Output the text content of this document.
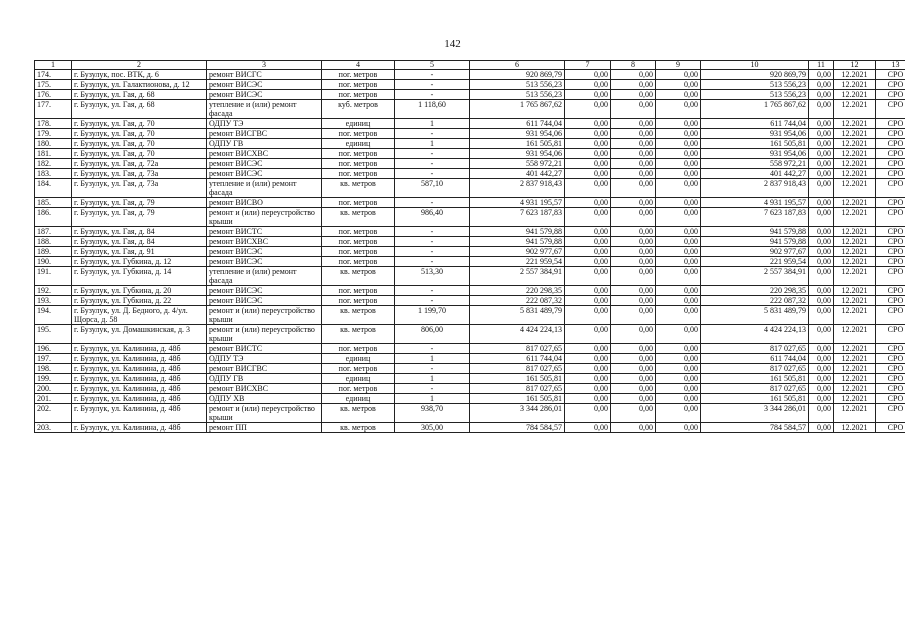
142
1	2	3	4	5	6	7	8	9	10	11	12	13
174.	г. Бузулук, пос. ВТК, д. 6	ремонт ВИСГС	пог. метров	-	920 869,79	0,00	0,00	0,00	920 869,79	0,00	12.2021	СРО
175.	г. Бузулук, ул. Галактионова, д. 12	ремонт ВИСЭС	пог. метров	-	513 556,23	0,00	0,00	0,00	513 556,23	0,00	12.2021	СРО
176.	г. Бузулук, ул. Гая, д. 68	ремонт ВИСЭС	пог. метров	-	513 556,23	0,00	0,00	0,00	513 556,23	0,00	12.2021	СРО
177.	г. Бузулук, ул. Гая, д. 68	утепление и (или) ремонт фасада	куб. метров	1 118,60	1 765 867,62	0,00	0,00	0,00	1 765 867,62	0,00	12.2021	СРО
178.	г. Бузулук, ул. Гая, д. 70	ОДПУ ТЭ	единиц	1	611 744,04	0,00	0,00	0,00	611 744,04	0,00	12.2021	СРО
179.	г. Бузулук, ул. Гая, д. 70	ремонт ВИСГВС	пог. метров	-	931 954,06	0,00	0,00	0,00	931 954,06	0,00	12.2021	СРО
180.	г. Бузулук, ул. Гая, д. 70	ОДПУ ГВ	единиц	1	161 505,81	0,00	0,00	0,00	161 505,81	0,00	12.2021	СРО
181.	г. Бузулук, ул. Гая, д. 70	ремонт ВИСХВС	пог. метров	-	931 954,06	0,00	0,00	0,00	931 954,06	0,00	12.2021	СРО
182.	г. Бузулук, ул. Гая, д. 72а	ремонт ВИСЭС	пог. метров	-	558 972,21	0,00	0,00	0,00	558 972,21	0,00	12.2021	СРО
183.	г. Бузулук, ул. Гая, д. 73а	ремонт ВИСЭС	пог. метров	-	401 442,27	0,00	0,00	0,00	401 442,27	0,00	12.2021	СРО
184.	г. Бузулук, ул. Гая, д. 73а	утепление и (или) ремонт фасада	кв. метров	587,10	2 837 918,43	0,00	0,00	0,00	2 837 918,43	0,00	12.2021	СРО
185.	г. Бузулук, ул. Гая, д. 79	ремонт ВИСВО	пог. метров	-	4 931 195,57	0,00	0,00	0,00	4 931 195,57	0,00	12.2021	СРО
186.	г. Бузулук, ул. Гая, д. 79	ремонт и (или) переустройство крыши	кв. метров	986,40	7 623 187,83	0,00	0,00	0,00	7 623 187,83	0,00	12.2021	СРО
187.	г. Бузулук, ул. Гая, д. 84	ремонт ВИСТС	пог. метров	-	941 579,88	0,00	0,00	0,00	941 579,88	0,00	12.2021	СРО
188.	г. Бузулук, ул. Гая, д. 84	ремонт ВИСХВС	пог. метров	-	941 579,88	0,00	0,00	0,00	941 579,88	0,00	12.2021	СРО
189.	г. Бузулук, ул. Гая, д. 91	ремонт ВИСЭС	пог. метров	-	902 977,67	0,00	0,00	0,00	902 977,67	0,00	12.2021	СРО
190.	г. Бузулук, ул. Губкина, д. 12	ремонт ВИСЭС	пог. метров	-	221 959,54	0,00	0,00	0,00	221 959,54	0,00	12.2021	СРО
191.	г. Бузулук, ул. Губкина, д. 14	утепление и (или) ремонт фасада	кв. метров	513,30	2 557 384,91	0,00	0,00	0,00	2 557 384,91	0,00	12.2021	СРО
192.	г. Бузулук, ул. Губкина, д. 20	ремонт ВИСЭС	пог. метров	-	220 298,35	0,00	0,00	0,00	220 298,35	0,00	12.2021	СРО
193.	г. Бузулук, ул. Губкина, д. 22	ремонт ВИСЭС	пог. метров	-	222 087,32	0,00	0,00	0,00	222 087,32	0,00	12.2021	СРО
194.	г. Бузулук, ул. Д. Бедного, д. 4/ул. Щорса, д. 58	ремонт и (или) переустройство крыши	кв. метров	1 199,70	5 831 489,79	0,00	0,00	0,00	5 831 489,79	0,00	12.2021	СРО
195.	г. Бузулук, ул. Домашкинская, д. 3	ремонт и (или) переустройство крыши	кв. метров	806,00	4 424 224,13	0,00	0,00	0,00	4 424 224,13	0,00	12.2021	СРО
196.	г. Бузулук, ул. Калинина, д. 48б	ремонт ВИСТС	пог. метров	-	817 027,65	0,00	0,00	0,00	817 027,65	0,00	12.2021	СРО
197.	г. Бузулук, ул. Калинина, д. 48б	ОДПУ ТЭ	единиц	1	611 744,04	0,00	0,00	0,00	611 744,04	0,00	12.2021	СРО
198.	г. Бузулук, ул. Калинина, д. 48б	ремонт ВИСГВС	пог. метров	-	817 027,65	0,00	0,00	0,00	817 027,65	0,00	12.2021	СРО
199.	г. Бузулук, ул. Калинина, д. 48б	ОДПУ ГВ	единиц	1	161 505,81	0,00	0,00	0,00	161 505,81	0,00	12.2021	СРО
200.	г. Бузулук, ул. Калинина, д. 48б	ремонт ВИСХВС	пог. метров	-	817 027,65	0,00	0,00	0,00	817 027,65	0,00	12.2021	СРО
201.	г. Бузулук, ул. Калинина, д. 48б	ОДПУ ХВ	единиц	1	161 505,81	0,00	0,00	0,00	161 505,81	0,00	12.2021	СРО
202.	г. Бузулук, ул. Калинина, д. 48б	ремонт и (или) переустройство крыши	кв. метров	938,70	3 344 286,01	0,00	0,00	0,00	3 344 286,01	0,00	12.2021	СРО
203.	г. Бузулук, ул. Калинина, д. 48б	ремонт ПП	кв. метров	305,00	784 584,57	0,00	0,00	0,00	784 584,57	0,00	12.2021	СРО
